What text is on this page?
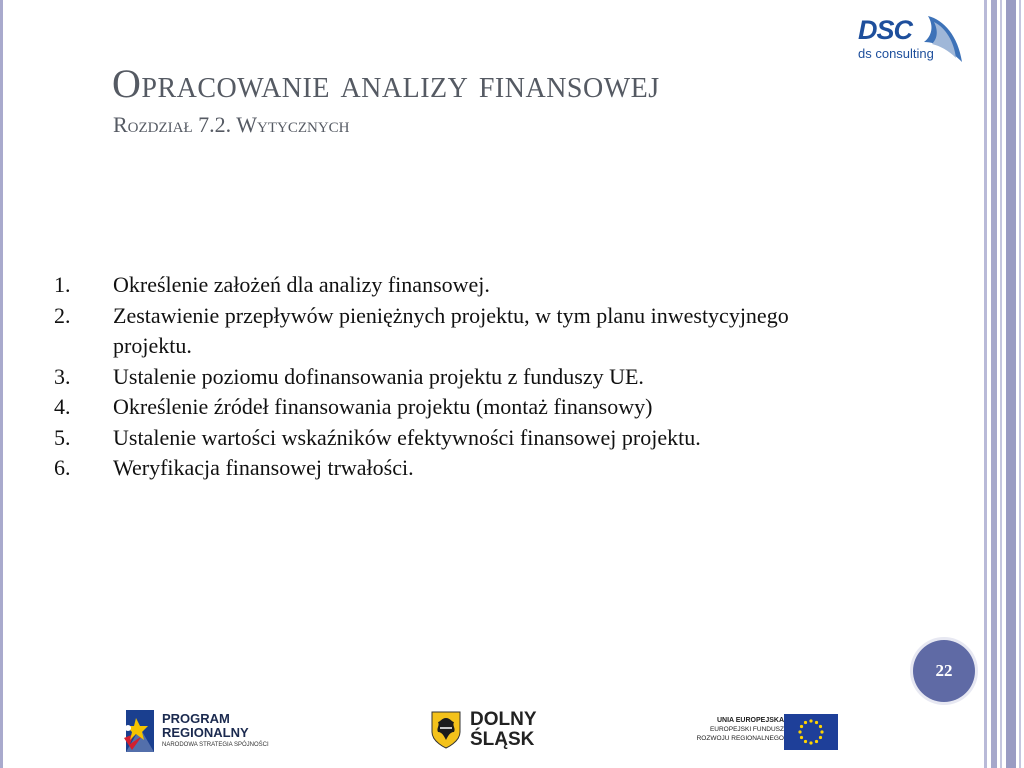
DSC
ds consulting
Opracowanie analizy finansowej
Rozdział 7.2. Wytycznych
1. Określenie założeń dla analizy finansowej.
2. Zestawienie przepływów pieniężnych projektu, w tym planu inwestycyjnego projektu.
3. Ustalenie poziomu dofinansowania projektu z funduszy UE.
4. Określenie źródeł finansowania projektu (montaż finansowy)
5. Ustalenie wartości wskaźników efektywności finansowej projektu.
6. Weryfikacja finansowej trwałości.
22
PROGRAM
REGIONALNY
NARODOWA STRATEGIA SPÓJNOŚCI
DOLNY
ŚLĄSK
UNIA EUROPEJSKA
EUROPEJSKI FUNDUSZ
ROZWOJU REGIONALNEGO
